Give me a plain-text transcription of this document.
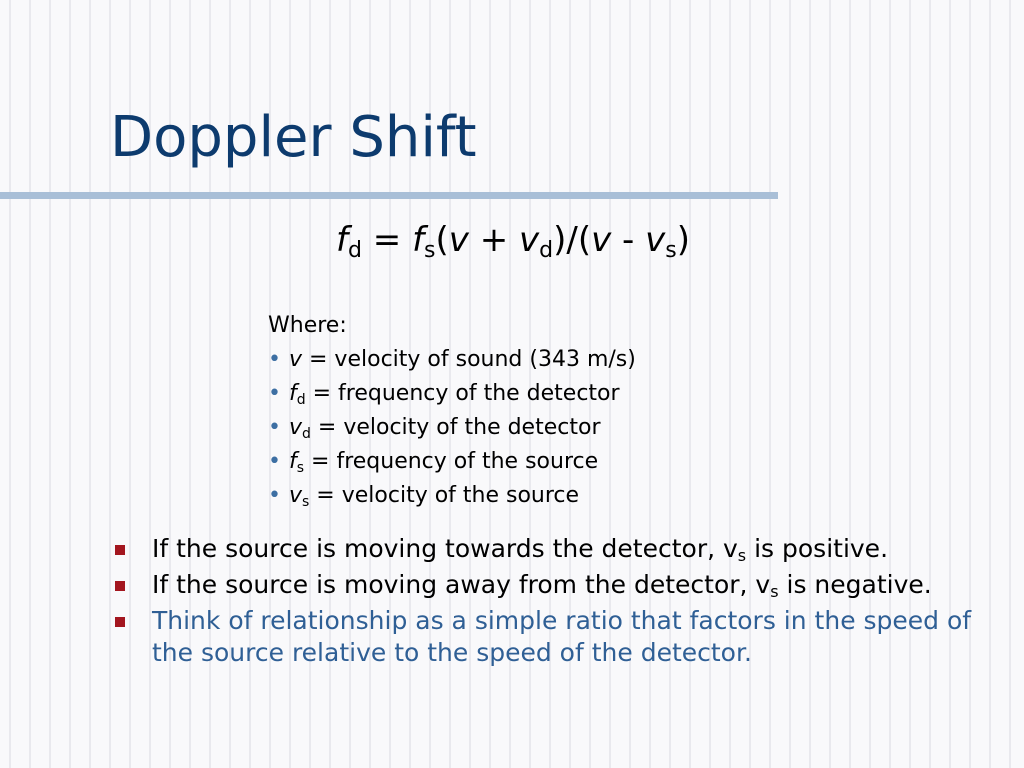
Doppler Shift
$f_d = f_s(v + v_d)/(v - v_s)$
Where:
• v = velocity of sound (343 m/s)
• $f_d$ = frequency of the detector
• $v_d$ = velocity of the detector
• $f_s$ = frequency of the source
• $v_s$ = velocity of the source
If the source is moving towards the detector, $v_s$ is positive.
If the source is moving away from the detector, $v_s$ is negative.
Think of relationship as a simple ratio that factors in the speed of the source relative to the speed of the detector.
